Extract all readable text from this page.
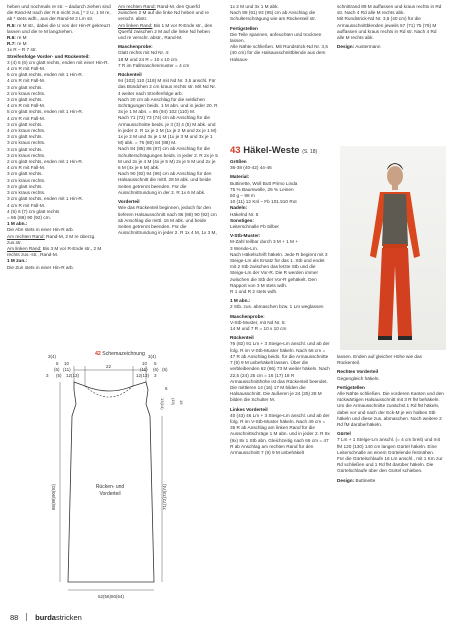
heben und nochmals re str. – dadurch ziehen sind die Rand-M nach der R.6 nicht zus.] * 2 U, 1 M re, ab * stets wdh., aus der Rand-M 2 Lm str.

R.5: re M str., dabei die U von der Hin-R gekreuzt lassen und die re M langziehen.

R.6: re M

R.7: re M

1x R – R 7 str.

Streifenfolge Vorder- und Rückenteil:

3 (4) 5 (6) cm glatt rechts, enden mit einer Hin-R.
4 cm R mit Fall-M.
5 cm glatt rechts, enden mit 1 Hin-R.
4 cm R mit Fall-M.
3 cm glatt rechts.
2 cm kraus rechts.
3 cm glatt rechts.
4 cm R mit Fall-M.
5 cm glatt rechts, enden mit 1 Hin-R.
4 cm R mit Fall-M.
3 cm glatt rechts.
4 cm kraus rechts.
3 cm glatt rechts.
3 cm kraus rechts.
3 cm glatt rechts.
3 cm kraus rechts.
2 cm glatt rechts, enden mit 1 Hin-R.
4 cm R mit Fall-M.
3 cm glatt rechts.
3 cm kraus rechts.
3 cm glatt rechts.
3 cm kraus rechts.
3 cm glatt rechts, enden mit 1 Hin-R.
4 cm R mit Fall-M.
4 (5) 6 (7) cm glatt rechts
= 86 (88) 90 (92) cm.

1 M abn.:

Die Abn stets in einer Hin-R arb.

Am rechten Rand: Rand-M, 2 M re überzg. zus.str.

Am linken Rand: Bis 3 M vor R-Ende str., 2 M rechts zus.-str., Rand-M.

1 M zun.:

Die Zun stets in einer Hin-R arb.

Am rechten Rand: Rand-M, den Querfd zwischen 2 M auf die linke Nd heben und re verschr. abstr.

Am linken Rand: Bis 1 M vor R-Ende str., den Querfd zwischen 2 M auf die linke Nd heben und re verschr. abstr., Rand-M.

Maschenprobe:

Glatt rechts mit Nd Nr. 4:
18 M und 24 R = 10 x 10 cm.
7 R im Fallmaschenmuster = 4 cm

Rückenteil

94 (102) 110 (118) M mit Nd Nr. 3,5 anschl. Für das Bündchen 2 cm kraus rechts str. Mit Nd Nr. 4 weiter nach Streifenfolge arb.
Nach 20 cm ab Anschlag für die seitlichen Schrägungen beids. 1 M abn. und in jeder 20. R 3x je 1 M abn. = 86 (94) 102 (110) M.
Nach 71 (72) 73 (74) cm ab Anschlag für die Armausschnitte beids. je 3 (3) 4 (5) M abk. und in jeder 2. R 1x je 2 M (1x je 2 M und 2x je 1 M) 1x je 2 M und 3x je 1 M (1x je 3 M und 3x je 1 M) abk. = 76 (80) 84 (88) M.
Nach 84 (85) 86 (87) cm ab Anschlag für die Schulterschrägungen beids. in jeder 2. R 2x je 5 M und 2x je 4 M (4x je 5 M) 2x je 5 M und 2x je 6 M (4x je 6 M) abk.
Nach 90 (92) 94 (96) cm ab Anschlag für den Halsausschnitt die mittl. 28 M abk. und beide Seiten getrennt beenden. Für die Ausschnittrundung in der 2. R 1x 6 M abk.

Vorderteil

Wie das Rückenteil beginnen, jedoch für den tieferen Halsausschnitt nach 86 (88) 90 (92) cm ab Anschlag die mittl. 16 M abk. und beide Seiten getrennt beenden. Für die Ausschnittrundung in jeder 2. R 1x 4 M, 1x 3 M,

1x 2 M und 3x 1 M abk.
Nach 89 (91) 93 (95) cm ab Anschlag die Schulterschrägung wie am Rückenteil str.

Fertigstellen

Die Teile spannen, anfeuchten und trocknen lassen.
Alle Nähte schließen. Mit Rundstrick-Nd Nr. 3,5 (40 cm) für die Halsausschnittblende aus dem Halsaus-

43 Häkel-Weste (S. 18)

Größen

36-38 (40-42) 44-46

Material:

Buttinette, Woll Butt Primo Linda
75 % Baumwolle, 25 % Leinen
50 g – 98 m
10 (11) 12 Knl – Fb 101.510 Rot

Nadeln:

Häkelnd Nr. 5

Sonstiges:

Leiterschnalle Fb Silber

V-Stb-Muster:

M-Zahl teilbar durch 3 M + 1 M +
3 Wende-Lm.
Nach Häkelschrift häkeln. Jede R beginnt mit 3 Steige-Lm als Ersatz für das 1. Stb und endet mit 2 Stb zwischen das letzte Stb und die Steige-Lm der Vor-R. Die R werden immer zwischen die Stb der Vor-R gehäkelt. Den Rapport von 3 M stets wdh.
R 1 und R 2 stets wdh.

1 M abn.:

2 Stb. zus. abmaschen bzw. 1 Lm weglassen

Maschenprobe:

V-Stb-Muster, mit Nd Nr. 5:
14 M und 7 R = 10 x 10 cm

Rückenteil

76 (82) 91 Lm + 3 Steige-Lm anschl. und ab der folg. R im V-Stb-Muster häkeln. Nach 66 cm = 47 R ab Anschlag beids. für die Armausschnitte 7 (9) 9 M unbehäkelt lassen. Über die verbleibenden 62 (66) 73 M weiter häkeln. Nach 22,5 (24) 25 cm = 16 (17) 18 R Armausschnitthöhe ist das Rückenteil beendet. Die mittleren 14 (16) 17 M bilden die Halsausschnitt. Die äußeren je 24 (25) 28 M bilden die Schulter M.

Linkes Vorderteil

40 (43) 46 Lm + 3 Steige-Lm anschl. und ab der folg. R im V-Stb-Muster häkeln. Nach 49 cm = 35 R ab Anschlag am linken Rand für die Ausschnittschräge 1 M abn. und in jeder 2. R 8x (9x) 8x 1 Stb abn. Gleichzeitig nach 66 cm = 47 R ab Anschlag am rechten Rand für den Armausschnitt 7 (9) 9 M unbehäkelt

schnittrand 89 M auffassen und kraus rechts in Rd str. Nach 4 Rd alle M rechts abk.
Mit Rundstrick-Nd Nr. 3,5 (40 cm) für die Armausschnittblenden jeweils 67 (71) 75 (79) M auffassen und kraus rechts in Rd str. Nach 4 Rd alle M rechts abk.

Design: Austermann

lassen. Enden auf gleicher Höhe wie das Rückenteil.

Rechtes Vorderteil

Gegengleich häkeln.

Fertigstellen

Alle Nähte schließen. Die vorderen Kanten und den rückwärtigen Halsausschnitt mit 3 R fM behäkeln. Um die Armausschnitte zunächst 1 Rd fM häkeln, dabei vor und nach der Eck-M je ein halbes Stb häkeln und diese zus. abmaschen. Noch weitere 2 Rd fM darüberhäkeln.

Gürtel

7 Lm + 1 Steige-Lm anschl. (= 4 cm breit) und mit fM 120 (130) 140 cm langen Gürtel häkeln. Eine Leiterschnalle an einem Gürtelende festnähen.
Für die Gürtelschlaufe 16 Lm anschl., mit 1 Km zur Rd schließen und 1 Rd fM darüber häkeln. Die Gürtelschlaufe über den Gürtel schieben.

Design: Buttinette

42 Schemazeichnung
3(4)
5 10
(6) (11)
3 (5) 12(13)
22
3(4)
10 5
(11) (6) (5)
12(13) 3
6
13(14) (15) 16
86(88)90(92)	71(72)73(74)
Rücken- und
Vorderteil
52(56)60(64)
88 burdastricken
